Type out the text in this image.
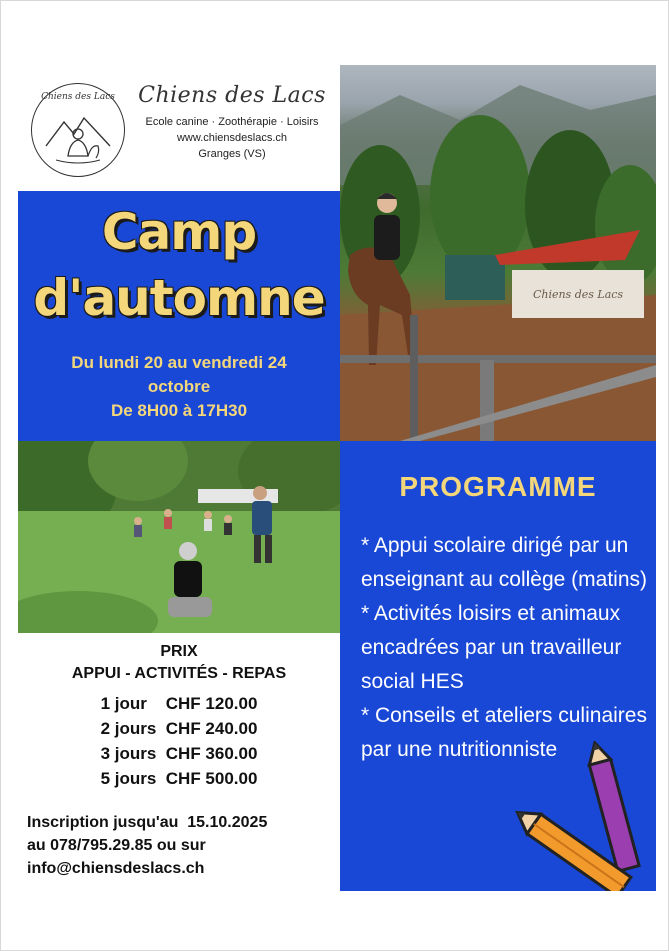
Chiens des Lacs	Chiens des Lacs
Ecole canine · Zoothérapie · Loisirs
www.chiensdeslacs.ch
Granges (VS)
Chiens des Lacs
Camp
d'automne
Du lundi 20 au vendredi 24 octobre
De 8H00 à 17H30
PROGRAMME
* Appui scolaire dirigé par un enseignant au collège (matins)
* Activités loisirs et animaux encadrées par un travailleur social HES
* Conseils et ateliers culinaires par une nutritionniste
PRIX
APPUI - ACTIVITÉS - REPAS
1 jour    CHF 120.00
2 jours  CHF 240.00
3 jours  CHF 360.00
5 jours  CHF 500.00
Inscription jusqu'au  15.10.2025
au 078/795.29.85 ou sur
info@chiensdeslacs.ch
